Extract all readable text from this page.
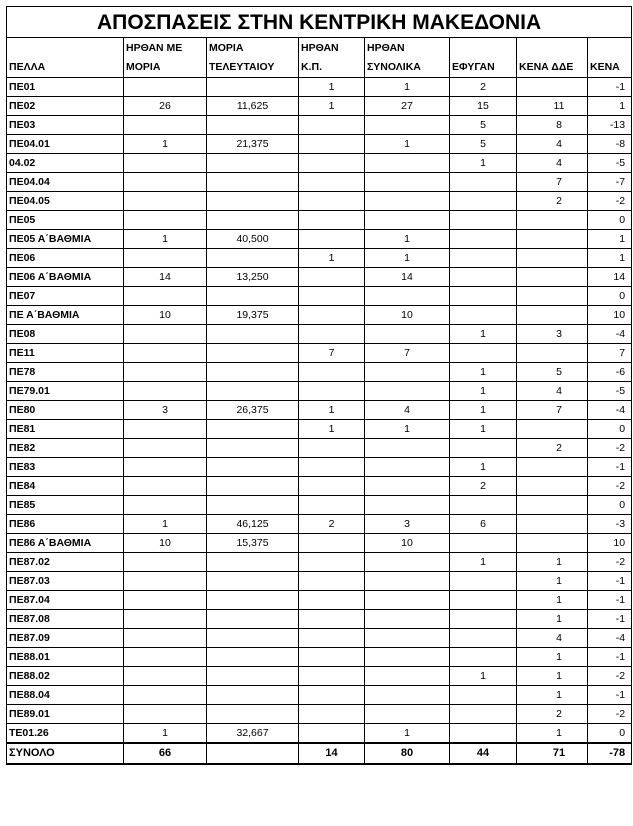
ΑΠΟΣΠΑΣΕΙΣ ΣΤΗΝ ΚΕΝΤΡΙΚΗ ΜΑΚΕΔΟΝΙΑ							
ΠΕΛΛΑ	ΗΡΘΑΝ ΜΕ ΜΟΡΙΑ	ΜΟΡΙΑ ΤΕΛΕΥΤΑΙΟΥ	ΗΡΘΑΝ Κ.Π.	ΗΡΘΑΝ ΣΥΝΟΛΙΚΑ	ΕΦΥΓΑΝ	ΚΕΝΑ ΔΔΕ	ΚΕΝΑ
ΠΕ01			1	1	2		-1
ΠΕ02	26	11,625	1	27	15	11	1
ΠΕ03					5	8	-13
ΠΕ04.01	1	21,375		1	5	4	-8
04.02					1	4	-5
ΠΕ04.04						7	-7
ΠΕ04.05						2	-2
ΠΕ05							0
ΠΕ05 Α΄ΒΑΘΜΙΑ	1	40,500		1			1
ΠΕ06			1	1			1
ΠΕ06 Α΄ΒΑΘΜΙΑ	14	13,250		14			14
ΠΕ07							0
ΠΕ Α΄ΒΑΘΜΙΑ	10	19,375		10			10
ΠΕ08					1	3	-4
ΠΕ11			7	7			7
ΠΕ78					1	5	-6
ΠΕ79.01					1	4	-5
ΠΕ80	3	26,375	1	4	1	7	-4
ΠΕ81			1	1	1		0
ΠΕ82						2	-2
ΠΕ83					1		-1
ΠΕ84					2		-2
ΠΕ85							0
ΠΕ86	1	46,125	2	3	6		-3
ΠΕ86 Α΄ΒΑΘΜΙΑ	10	15,375		10			10
ΠΕ87.02					1	1	-2
ΠΕ87.03						1	-1
ΠΕ87.04						1	-1
ΠΕ87.08						1	-1
ΠΕ87.09						4	-4
ΠΕ88.01						1	-1
ΠΕ88.02					1	1	-2
ΠΕ88.04						1	-1
ΠΕ89.01						2	-2
ΤΕ01.26	1	32,667		1		1	0
ΣΥΝΟΛΟ	66		14	80	44	71	-78
